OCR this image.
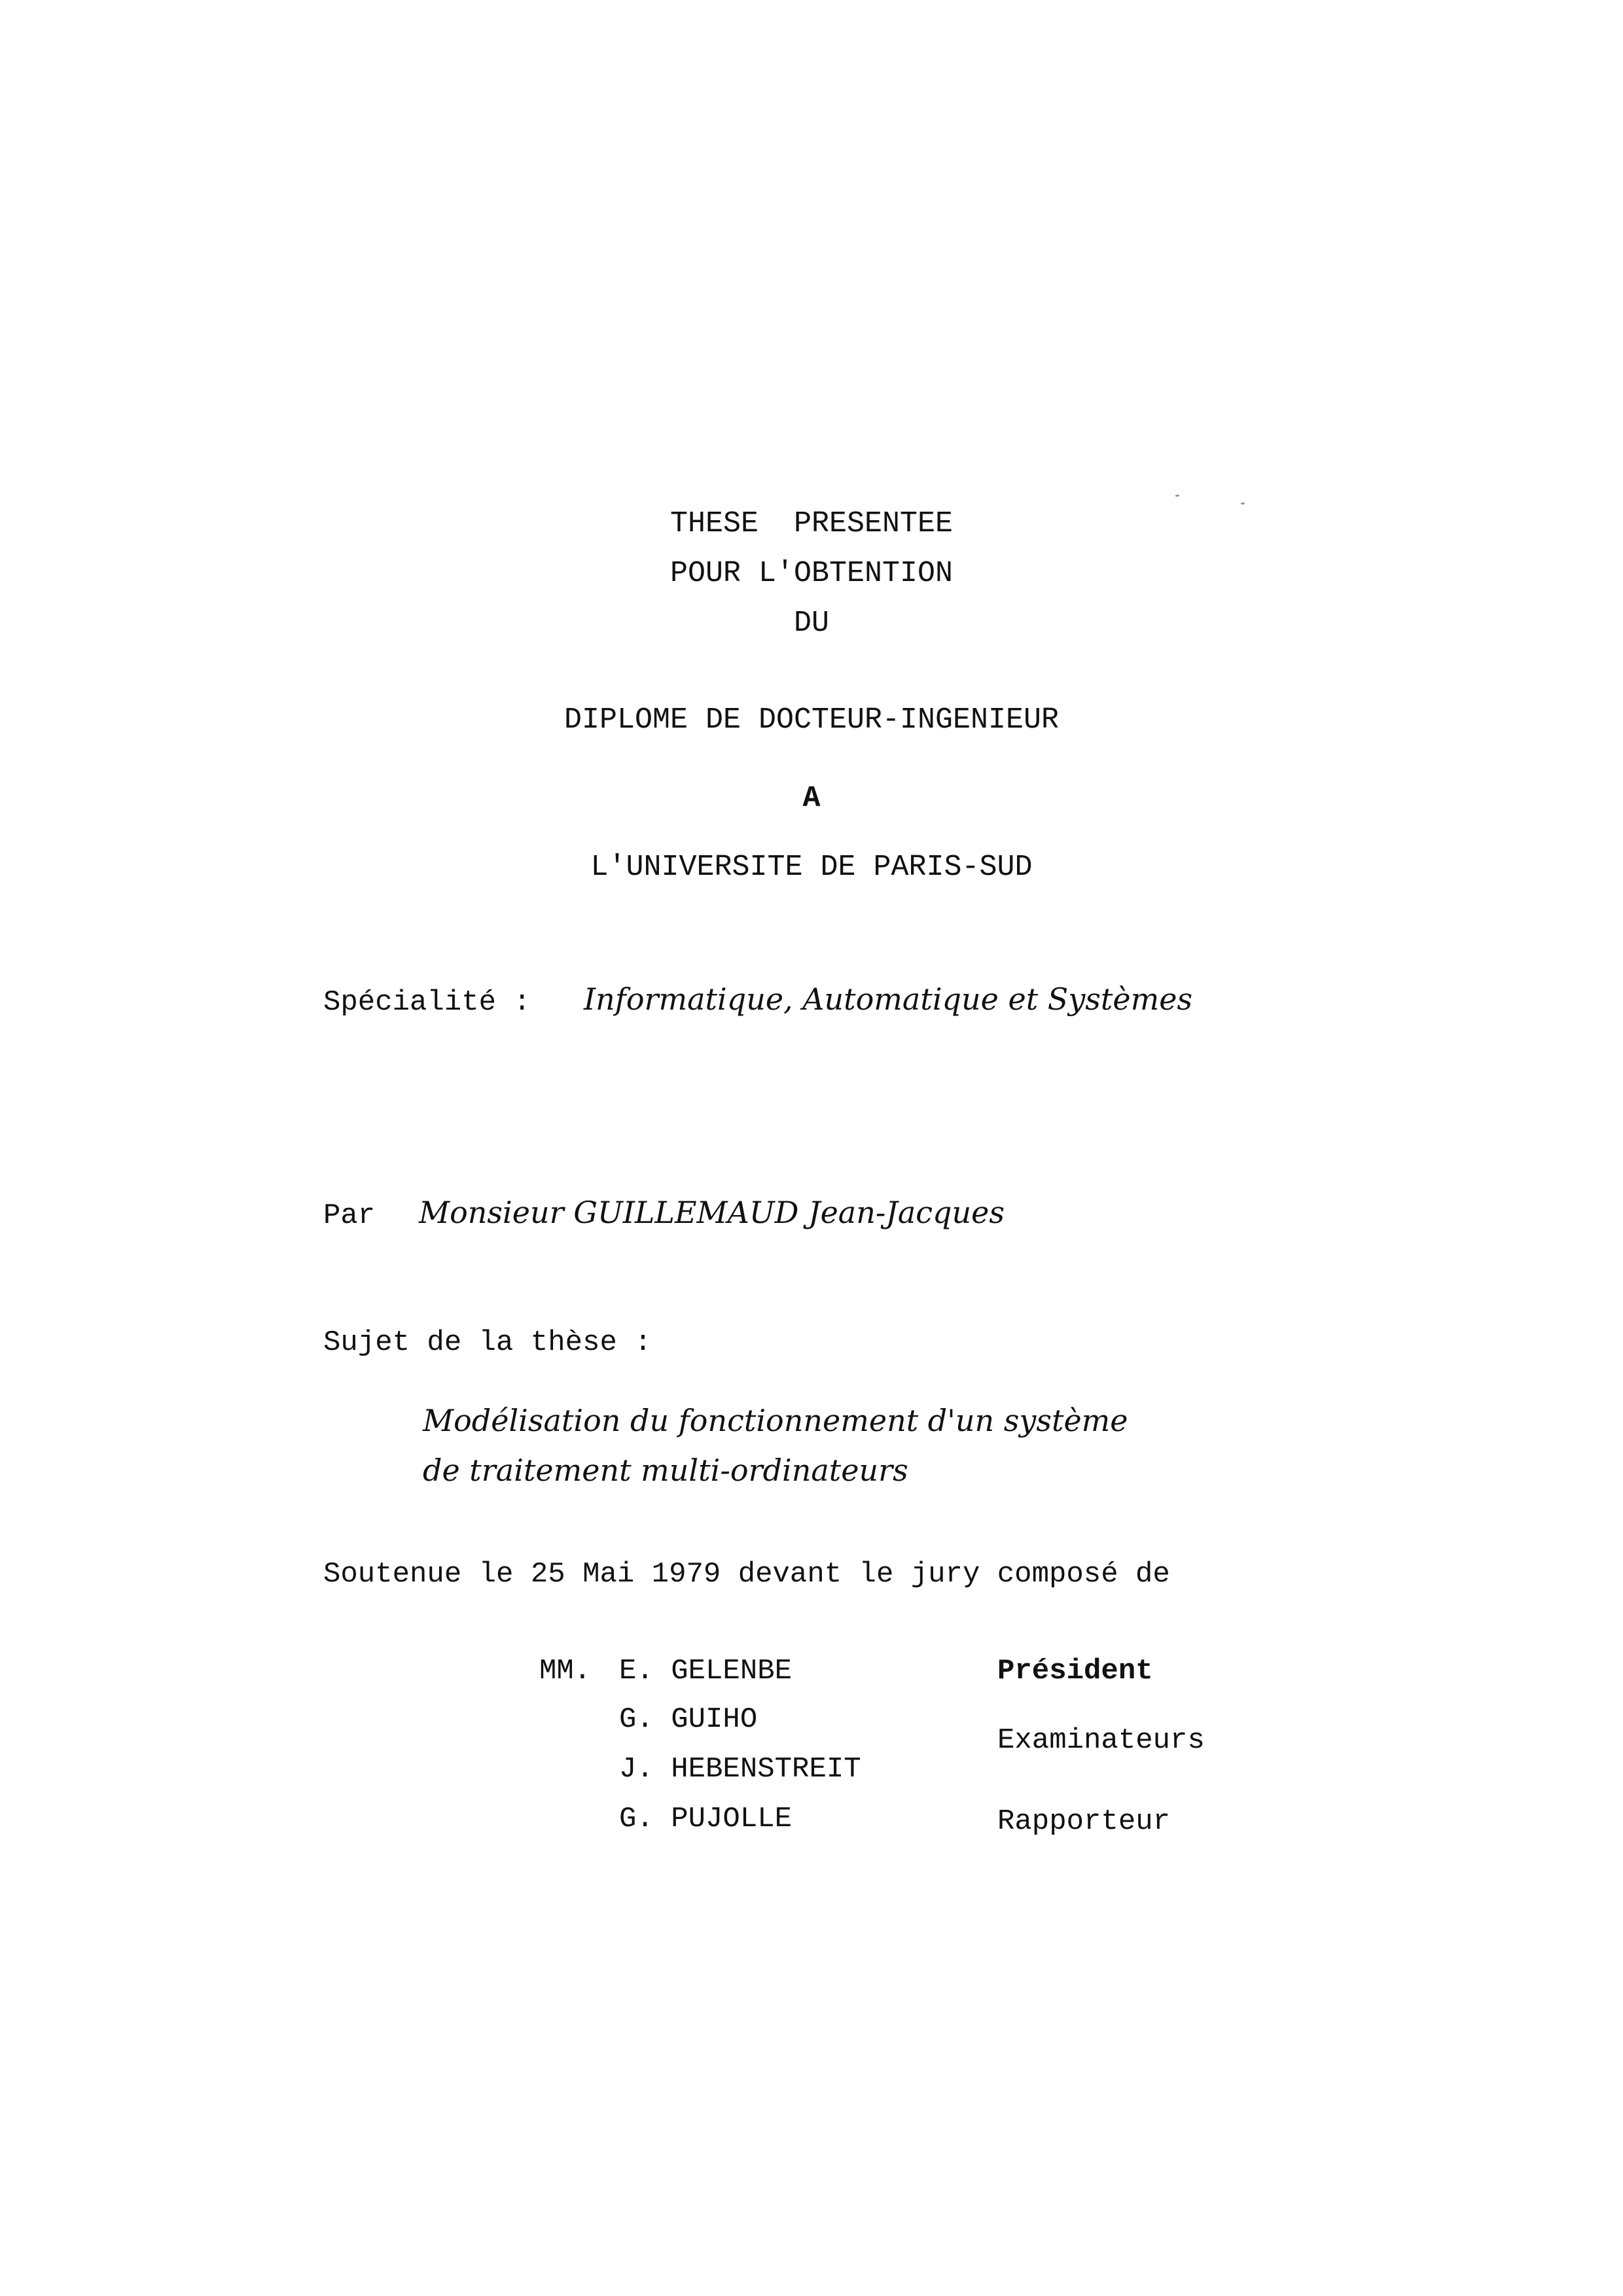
THESE  PRESENTEE
POUR L'OBTENTION
DU
DIPLOME DE DOCTEUR-INGENIEUR
A
L'UNIVERSITE DE PARIS-SUD
Spécialité : Informatique, Automatique et Systèmes
Par Monsieur GUILLEMAUD Jean-Jacques
Sujet de la thèse :
Modélisation du fonctionnement d'un système
de traitement multi-ordinateurs
Soutenue le 25 Mai 1979 devant le jury composé de
MM. E. GELENBE
G. GUIHO
J. HEBENSTREIT
G. PUJOLLE
Président
Examinateurs
Rapporteur
